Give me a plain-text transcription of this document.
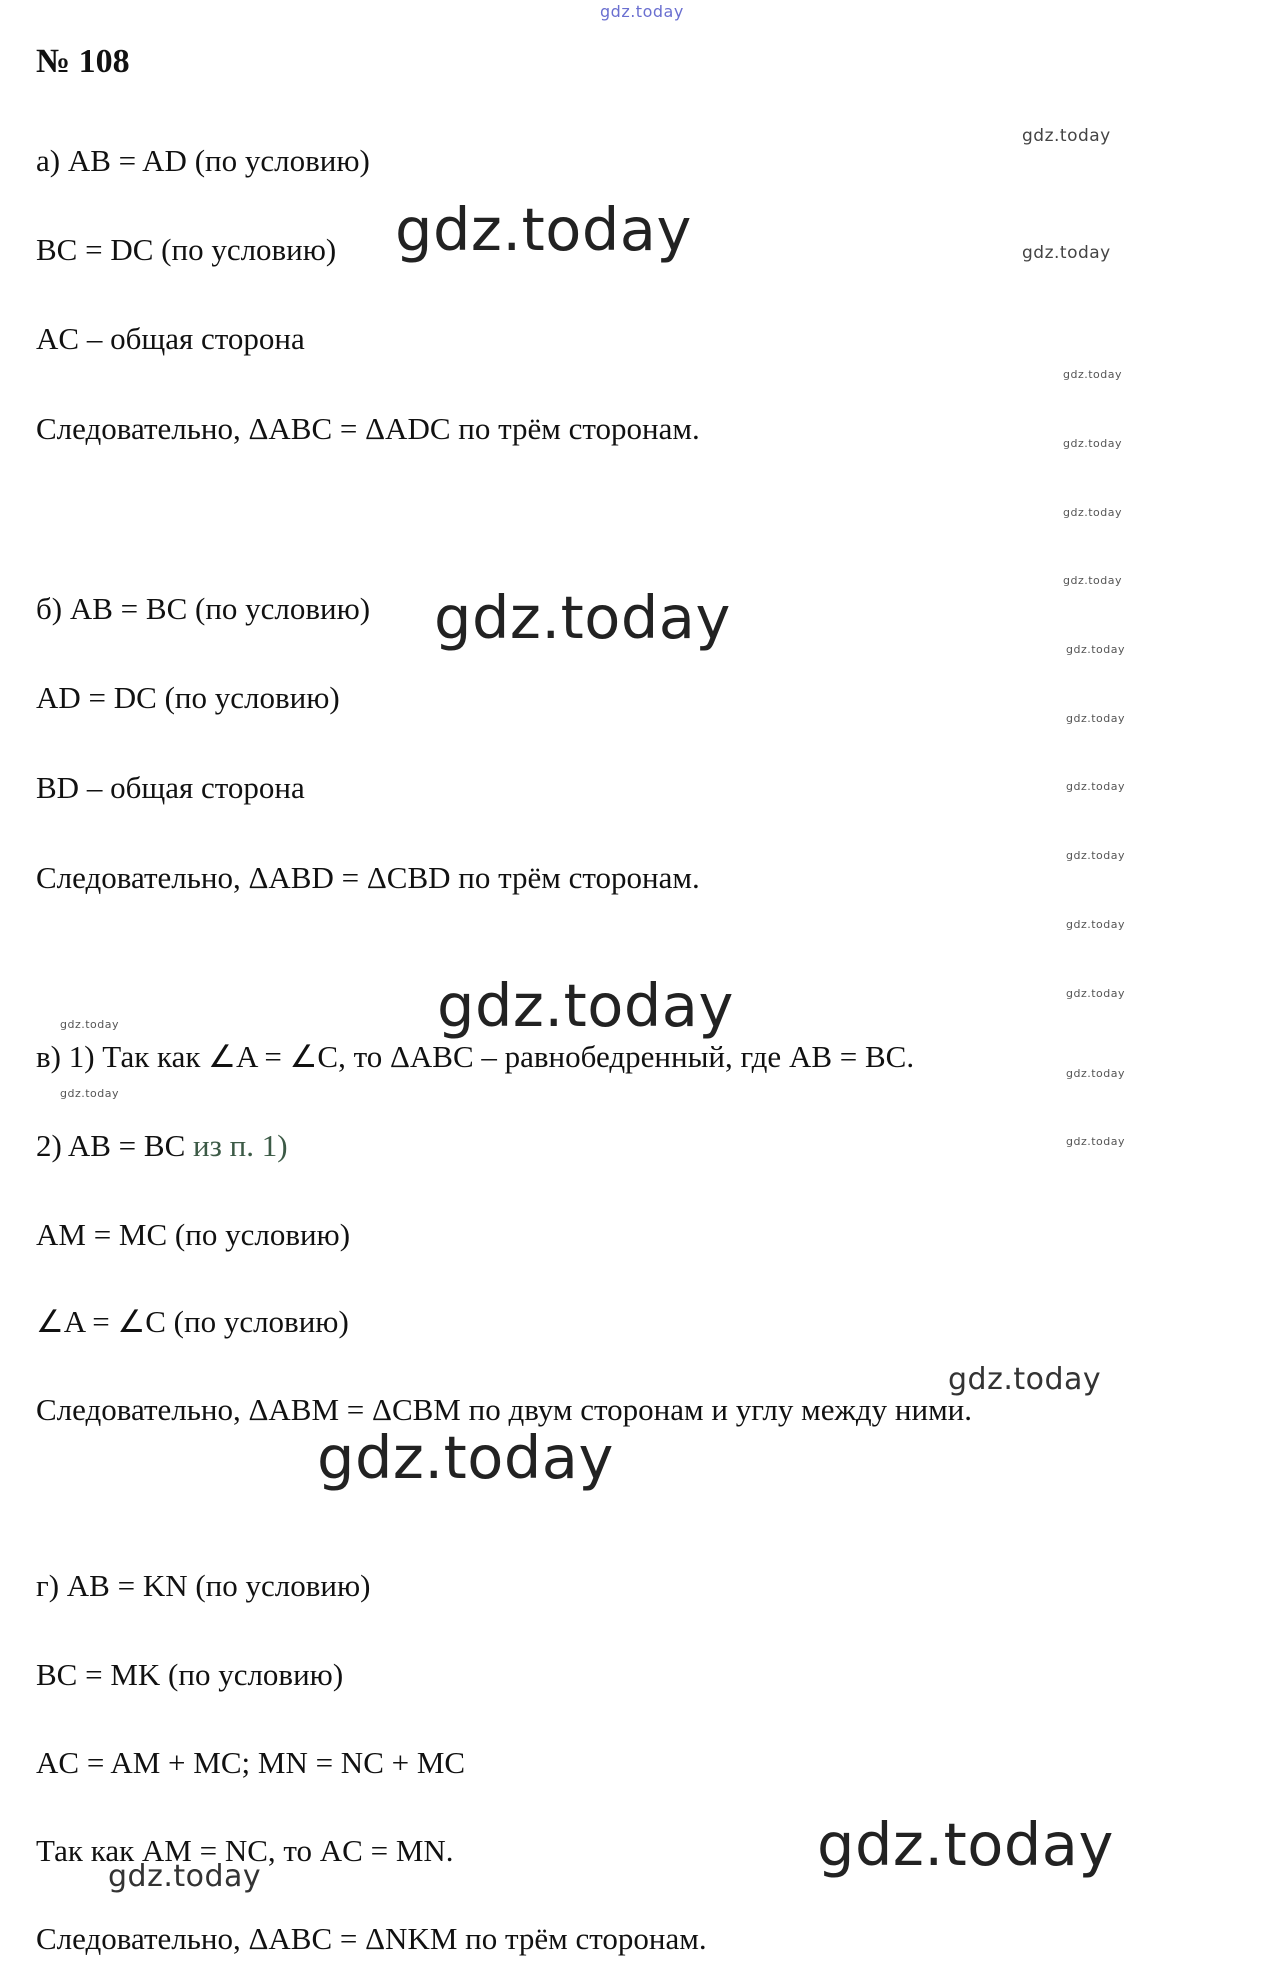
gdz.today
№ 108
а) AB = AD (по условию)
BC = DC (по условию)
AC – общая сторона
Следовательно, ΔABC = ΔADC по трём сторонам.
б) AB = BC (по условию)
AD = DC (по условию)
BD – общая сторона
Следовательно, ΔABD = ΔCBD по трём сторонам.
в) 1) Так как ∠A = ∠C, то ΔABC – равнобедренный, где AB = BC.
2) AB = BC из п. 1)
AM = MC (по условию)
∠A = ∠C (по условию)
Следовательно, ΔABM = ΔCBM по двум сторонам и углу между ними.
г) AB = KN (по условию)
BC = MK (по условию)
AC = AM + MC; MN = NC + MC
Так как AM = NC, то AC = MN.
Следовательно, ΔABC = ΔNKM по трём сторонам.
gdz.today
gdz.today
gdz.today
gdz.today
gdz.today
gdz.today
gdz.today
gdz.today
gdz.today
gdz.today
gdz.today
gdz.today
gdz.today
gdz.today
gdz.today
gdz.today
gdz.today
gdz.today
gdz.today
gdz.today
gdz.today
gdz.today
gdz.today
